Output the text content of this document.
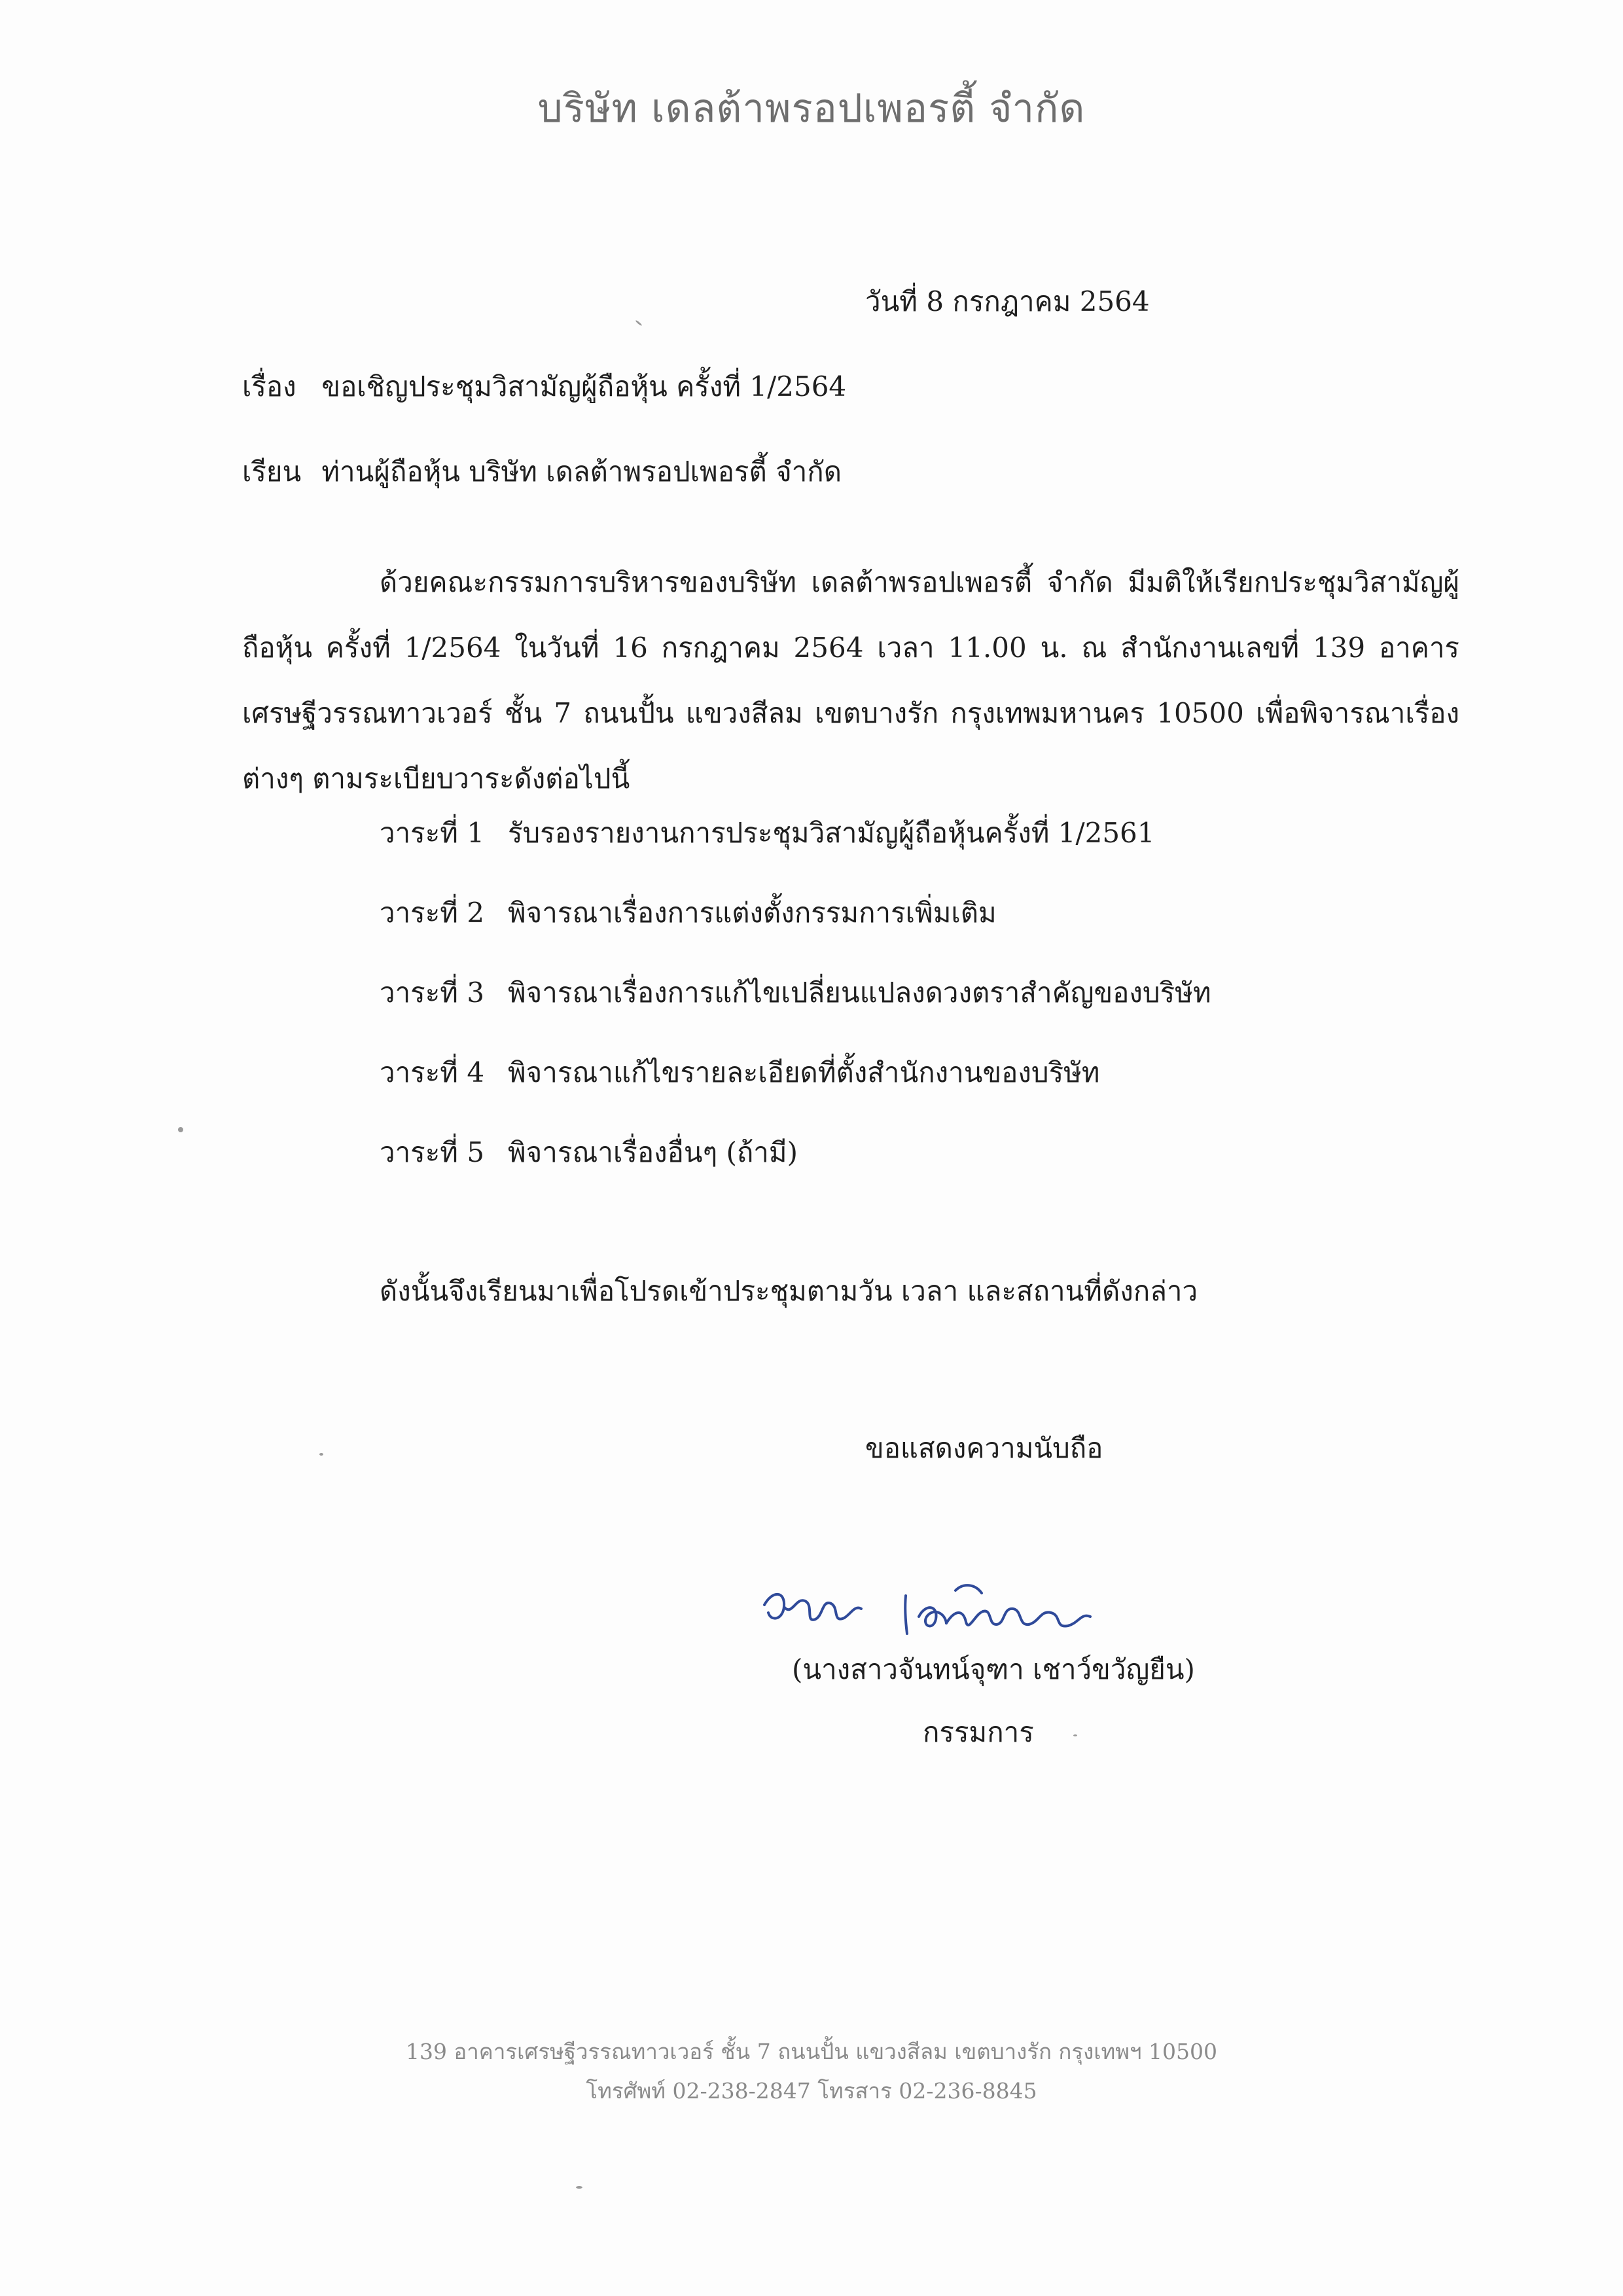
บริษัท เดลต้าพรอปเพอรตี้ จำกัด
วันที่ 8 กรกฎาคม 2564
เรื่อง ขอเชิญประชุมวิสามัญผู้ถือหุ้น ครั้งที่ 1/2564
เรียน ท่านผู้ถือหุ้น บริษัท เดลต้าพรอปเพอรตี้ จำกัด

ด้วยคณะกรรมการบริหารของบริษัท เดลต้าพรอปเพอรตี้ จำกัด มีมติให้เรียกประชุมวิสามัญผู้ถือหุ้น ครั้งที่ 1/2564 ในวันที่ 16 กรกฎาคม 2564 เวลา 11.00 น. ณ สำนักงานเลขที่ 139 อาคารเศรษฐีวรรณทาวเวอร์ ชั้น 7 ถนนปั้น แขวงสีลม เขตบางรัก กรุงเทพมหานคร 10500 เพื่อพิจารณาเรื่องต่างๆ ตามระเบียบวาระดังต่อไปนี้

วาระที่ 1 รับรองรายงานการประชุมวิสามัญผู้ถือหุ้นครั้งที่ 1/2561
วาระที่ 2 พิจารณาเรื่องการแต่งตั้งกรรมการเพิ่มเติม
วาระที่ 3 พิจารณาเรื่องการแก้ไขเปลี่ยนแปลงดวงตราสำคัญของบริษัท
วาระที่ 4 พิจารณาแก้ไขรายละเอียดที่ตั้งสำนักงานของบริษัท
วาระที่ 5 พิจารณาเรื่องอื่นๆ (ถ้ามี)
ดังนั้นจึงเรียนมาเพื่อโปรดเข้าประชุมตามวัน เวลา และสถานที่ดังกล่าว
ขอแสดงความนับถือ
(นางสาวจันทน์จุฑา เชาว์ขวัญยืน)
กรรมการ
139 อาคารเศรษฐีวรรณทาวเวอร์ ชั้น 7 ถนนปั้น แขวงสีลม เขตบางรัก กรุงเทพฯ 10500
โทรศัพท์ 02-238-2847 โทรสาร 02-236-8845
